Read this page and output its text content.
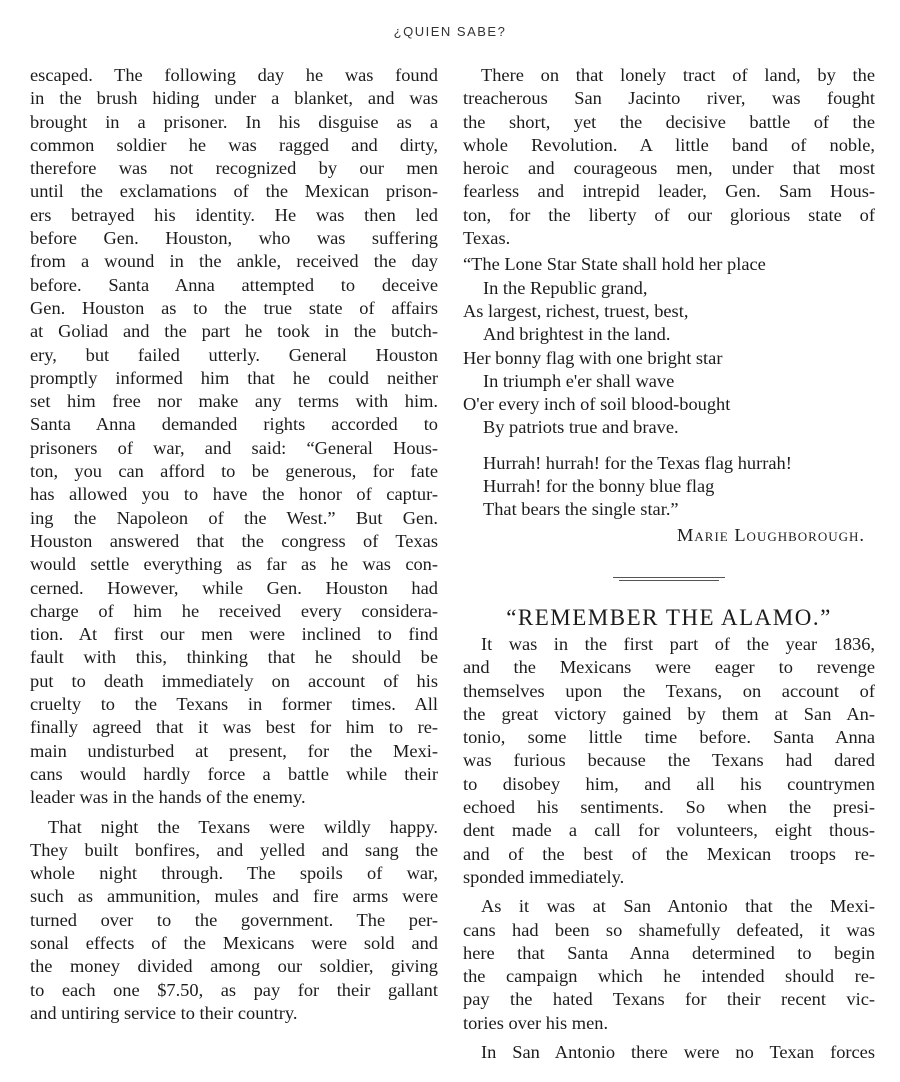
¿QUIEN SABE?
escaped. The following day he was found
in the brush hiding under a blanket, and was
brought in a prisoner. In his disguise as a
common soldier he was ragged and dirty,
therefore was not recognized by our men
until the exclamations of the Mexican prison-
ers betrayed his identity. He was then led
before Gen. Houston, who was suffering
from a wound in the ankle, received the day
before. Santa Anna attempted to deceive
Gen. Houston as to the true state of affairs
at Goliad and the part he took in the butch-
ery, but failed utterly. General Houston
promptly informed him that he could neither
set him free nor make any terms with him.
Santa Anna demanded rights accorded to
prisoners of war, and said: “General Hous-
ton, you can afford to be generous, for fate
has allowed you to have the honor of captur-
ing the Napoleon of the West.” But Gen.
Houston answered that the congress of Texas
would settle everything as far as he was con-
cerned. However, while Gen. Houston had
charge of him he received every considera-
tion. At first our men were inclined to find
fault with this, thinking that he should be
put to death immediately on account of his
cruelty to the Texans in former times. All
finally agreed that it was best for him to re-
main undisturbed at present, for the Mexi-
cans would hardly force a battle while their
leader was in the hands of the enemy.
That night the Texans were wildly happy.
They built bonfires, and yelled and sang the
whole night through. The spoils of war,
such as ammunition, mules and fire arms were
turned over to the government. The per-
sonal effects of the Mexicans were sold and
the money divided among our soldier, giving
to each one $7.50, as pay for their gallant
and untiring service to their country.
There on that lonely tract of land, by the
treacherous San Jacinto river, was fought
the short, yet the decisive battle of the
whole Revolution. A little band of noble,
heroic and courageous men, under that most
fearless and intrepid leader, Gen. Sam Hous-
ton, for the liberty of our glorious state of
Texas.
“The Lone Star State shall hold her place
In the Republic grand,
As largest, richest, truest, best,
And brightest in the land.
Her bonny flag with one bright star
In triumph e'er shall wave
O'er every inch of soil blood-bought
By patriots true and brave.
Hurrah! hurrah! for the Texas flag hurrah!
Hurrah! for the bonny blue flag
That bears the single star.”
Marie Loughborough.
“REMEMBER THE ALAMO.”
It was in the first part of the year 1836,
and the Mexicans were eager to revenge
themselves upon the Texans, on account of
the great victory gained by them at San An-
tonio, some little time before. Santa Anna
was furious because the Texans had dared
to disobey him, and all his countrymen
echoed his sentiments. So when the presi-
dent made a call for volunteers, eight thous-
and of the best of the Mexican troops re-
sponded immediately.
As it was at San Antonio that the Mexi-
cans had been so shamefully defeated, it was
here that Santa Anna determined to begin
the campaign which he intended should re-
pay the hated Texans for their recent vic-
tories over his men.
In San Antonio there were no Texan forces
